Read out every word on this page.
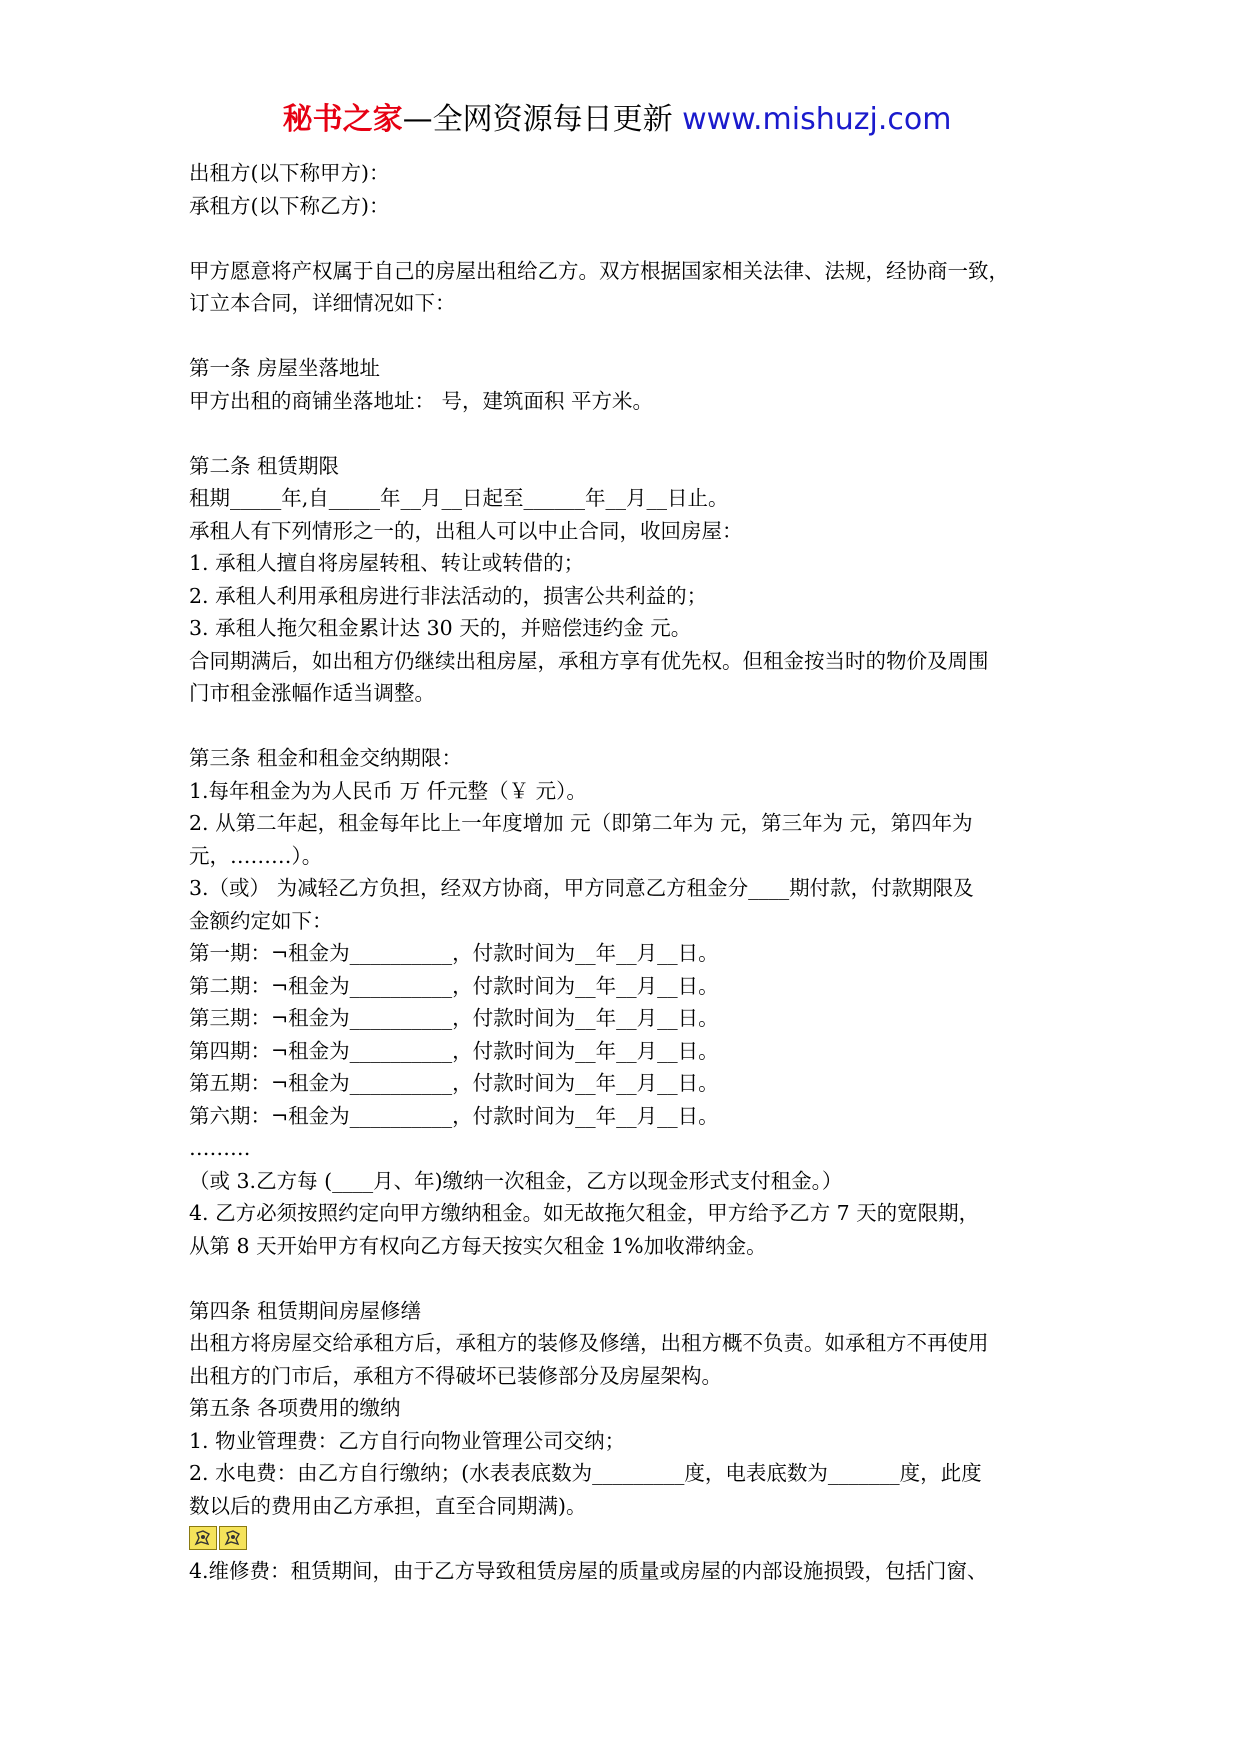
秘书之家—全网资源每日更新 www.mishuzj.com
出租方(以下称甲方)：
承租方(以下称乙方)：
甲方愿意将产权属于自己的房屋出租给乙方。双方根据国家相关法律、法规，经协商一致，
订立本合同，详细情况如下：
第一条 房屋坐落地址
甲方出租的商铺坐落地址： 号，建筑面积 平方米。
第二条 租赁期限
租期_____年,自_____年__月__日起至______年__月__日止。
承租人有下列情形之一的，出租人可以中止合同，收回房屋：
1. 承租人擅自将房屋转租、转让或转借的；
2. 承租人利用承租房进行非法活动的，损害公共利益的；
3. 承租人拖欠租金累计达 30 天的，并赔偿违约金 元。
合同期满后，如出租方仍继续出租房屋，承租方享有优先权。但租金按当时的物价及周围
门市租金涨幅作适当调整。
第三条 租金和租金交纳期限：
1.每年租金为为人民币 万 仟元整（￥ 元）。
2. 从第二年起，租金每年比上一年度增加 元（即第二年为 元，第三年为 元，第四年为
元，………）。
3.（或） 为减轻乙方负担，经双方协商，甲方同意乙方租金分____期付款，付款期限及
金额约定如下：
第一期：¬租金为__________，付款时间为__年__月__日。
第二期：¬租金为__________，付款时间为__年__月__日。
第三期：¬租金为__________，付款时间为__年__月__日。
第四期：¬租金为__________，付款时间为__年__月__日。
第五期：¬租金为__________，付款时间为__年__月__日。
第六期：¬租金为__________，付款时间为__年__月__日。
………
（或 3.乙方每 (____月、年)缴纳一次租金，乙方以现金形式支付租金。）
4. 乙方必须按照约定向甲方缴纳租金。如无故拖欠租金，甲方给予乙方 7 天的宽限期，
从第 8 天开始甲方有权向乙方每天按实欠租金 1%加收滞纳金。
第四条 租赁期间房屋修缮
出租方将房屋交给承租方后，承租方的装修及修缮，出租方概不负责。如承租方不再使用
出租方的门市后，承租方不得破坏已装修部分及房屋架构。
第五条 各项费用的缴纳
1. 物业管理费：乙方自行向物业管理公司交纳；
2. 水电费：由乙方自行缴纳；(水表表底数为_________度，电表底数为_______度，此度
数以后的费用由乙方承担，直至合同期满)。
4.维修费：租赁期间，由于乙方导致租赁房屋的质量或房屋的内部设施损毁，包括门窗、
